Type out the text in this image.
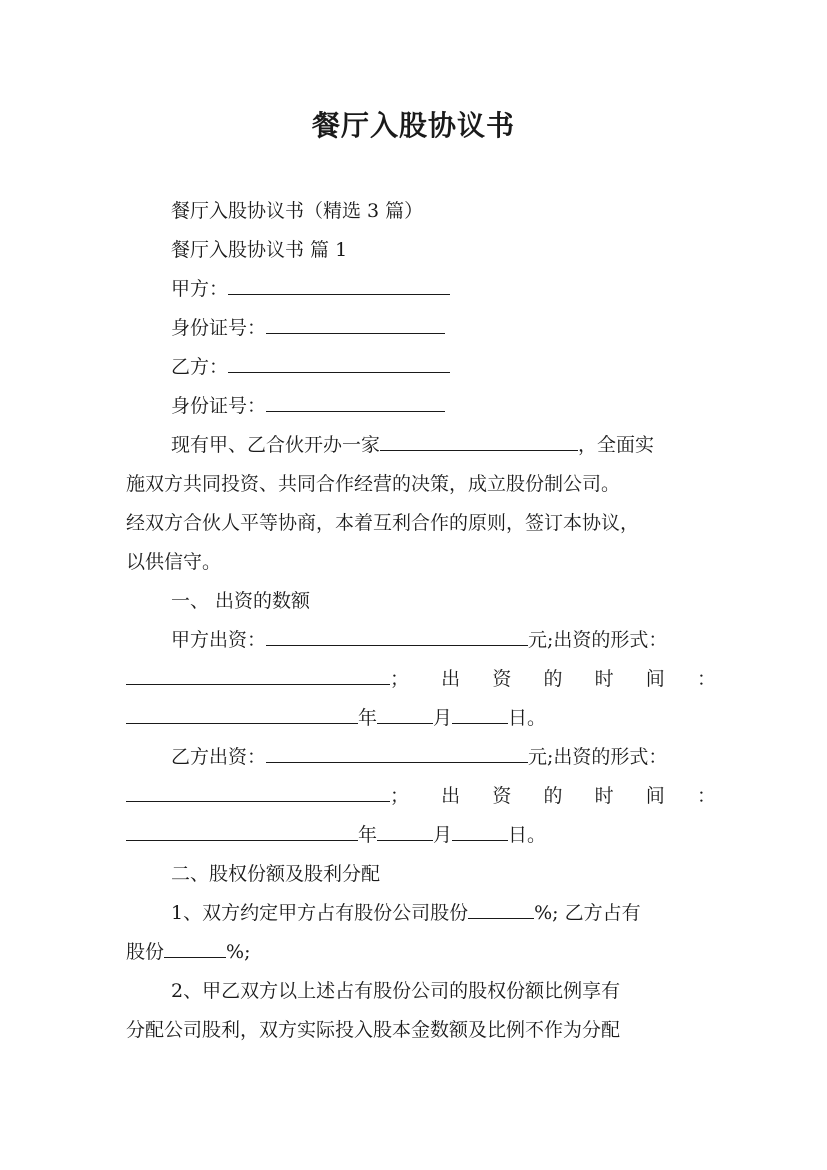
餐厅入股协议书
餐厅入股协议书（精选 3 篇）
餐厅入股协议书 篇 1
甲方：
身份证号：
乙方：
身份证号：
现有甲、乙合伙开办一家	，全面实
施双方共同投资、共同合作经营的决策，成立股份制公司。
经双方合伙人平等协商，本着互利合作的原则，签订本协议，
以供信守。
一、 出资的数额
甲方出资：	元;出资的形式：
； 出 资 的 时 间 ：
年	月	日。
乙方出资：	元;出资的形式：
； 出 资 的 时 间 ：
年	月	日。
二、股权份额及股利分配
1、双方约定甲方占有股份公司股份	%; 乙方占有
股份	%;
2、甲乙双方以上述占有股份公司的股权份额比例享有
分配公司股利，双方实际投入股本金数额及比例不作为分配
